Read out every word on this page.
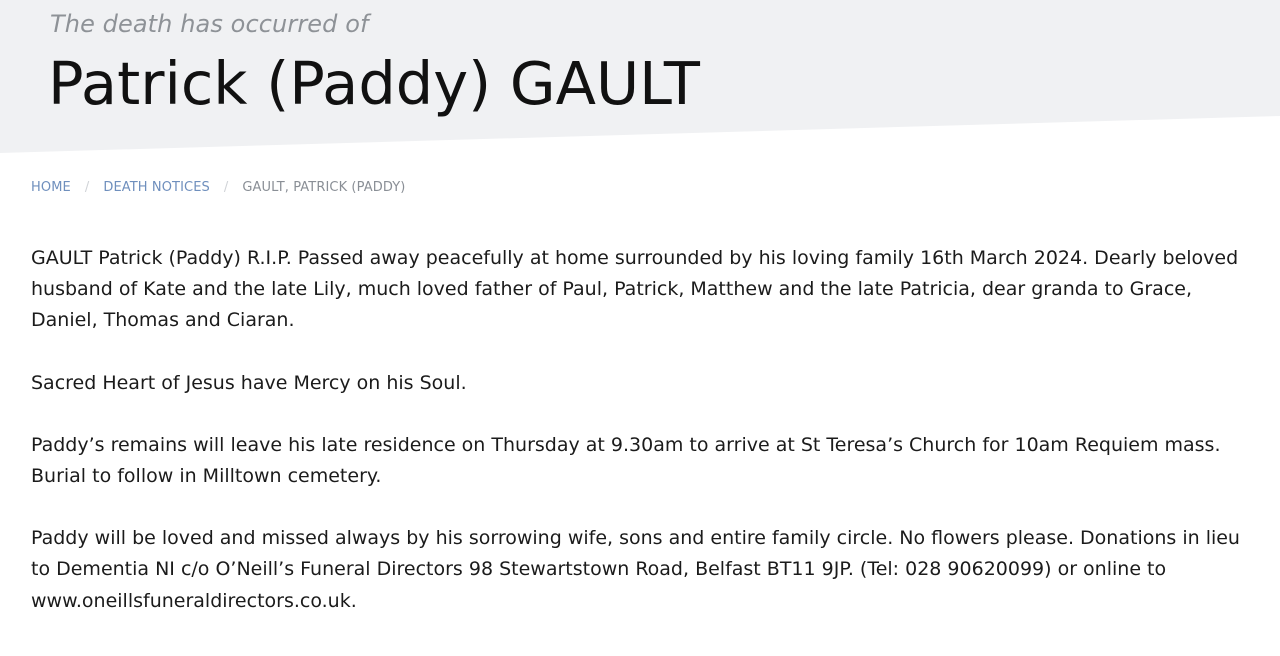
The death has occurred of
Patrick (Paddy) GAULT
HOME / DEATH NOTICES / GAULT, PATRICK (PADDY)

GAULT Patrick (Paddy) R.I.P. Passed away peacefully at home surrounded by his loving family 16th March 2024. Dearly beloved husband of Kate and the late Lily, much loved father of Paul, Patrick, Matthew and the late Patricia, dear granda to Grace, Daniel, Thomas and Ciaran.

Sacred Heart of Jesus have Mercy on his Soul.

Paddy’s remains will leave his late residence on Thursday at 9.30am to arrive at St Teresa’s Church for 10am Requiem mass. Burial to follow in Milltown cemetery.

Paddy will be loved and missed always by his sorrowing wife, sons and entire family circle. No flowers please. Donations in lieu to Dementia NI c/o O’Neill’s Funeral Directors 98 Stewartstown Road, Belfast BT11 9JP. (Tel: 028 90620099) or online to www.oneillsfuneraldirectors.co.uk.
